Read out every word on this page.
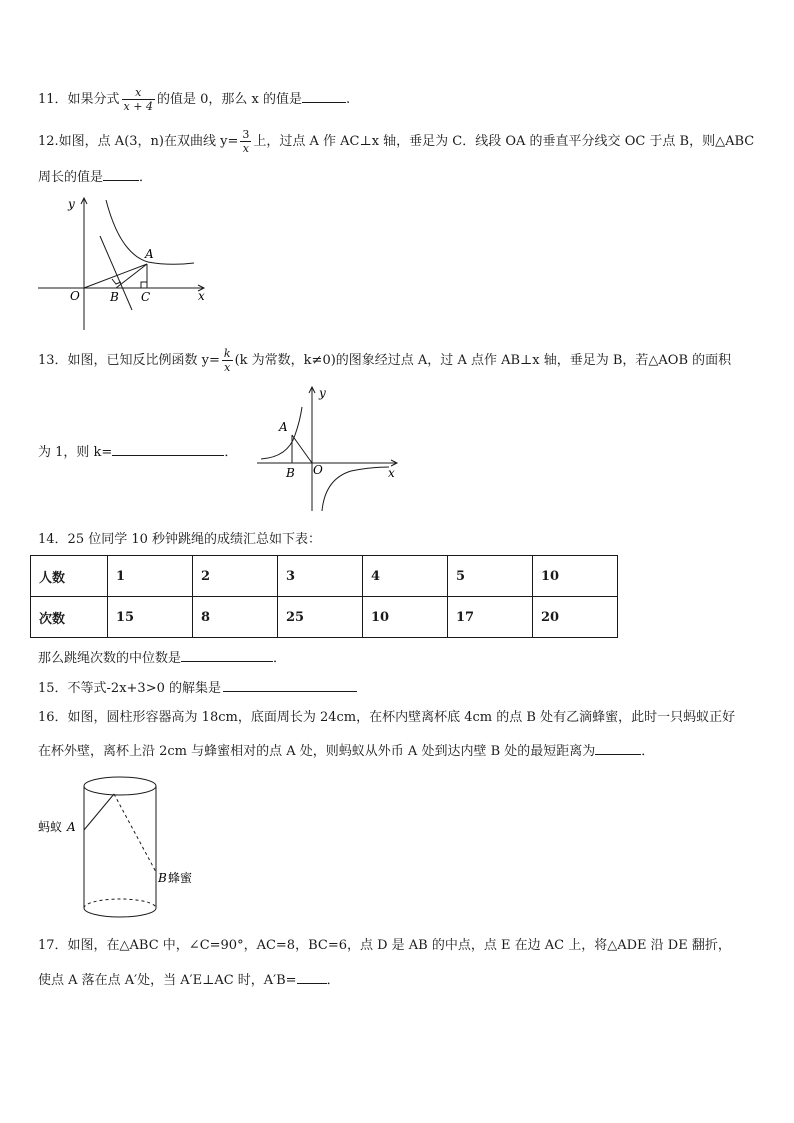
11．如果分式 $\frac{x}{x + 4}$ 的值是 0，那么 x 的值是	.
12.如图，点 A(3，n)在双曲线 $y= \frac{3}{x}$ 上，过点 A 作 AC⊥x 轴，垂足为 C．线段 OA 的垂直平分线交 OC 于点 B，则△ABC
周长的值是	．
y
x
O
A
B C
13．如图，已知反比例函数 $y= \frac{k}{x} (k$ 为常数，k≠0)的图象经过点 A，过 A 点作 AB⊥x 轴，垂足为 B，若△AOB 的面积
为 1，则 k=	．
y
x
O
A
B
14．25 位同学 10 秒钟跳绳的成绩汇总如下表：
人数	1	2	3	4	5	10
次数	15	8	25	10	17	20
那么跳绳次数的中位数是	．
15．不等式-2x+3>0 的解集是
16．如图，圆柱形容器高为 18cm，底面周长为 24cm，在杯内壁离杯底 4cm 的点 B 处有乙滴蜂蜜，此时一只蚂蚁正好
在杯外壁，离杯上沿 2cm 与蜂蜜相对的点 A 处，则蚂蚁从外币 A 处到达内壁 B 处的最短距离为	．
蚂蚁 A
B 蜂蜜
17．如图，在△ABC 中，∠C=90°，AC=8，BC=6，点 D 是 AB 的中点，点 E 在边 AC 上，将△ADE 沿 DE 翻折，
使点 A 落在点 A′处，当 A′E⊥AC 时，A′B= ．
